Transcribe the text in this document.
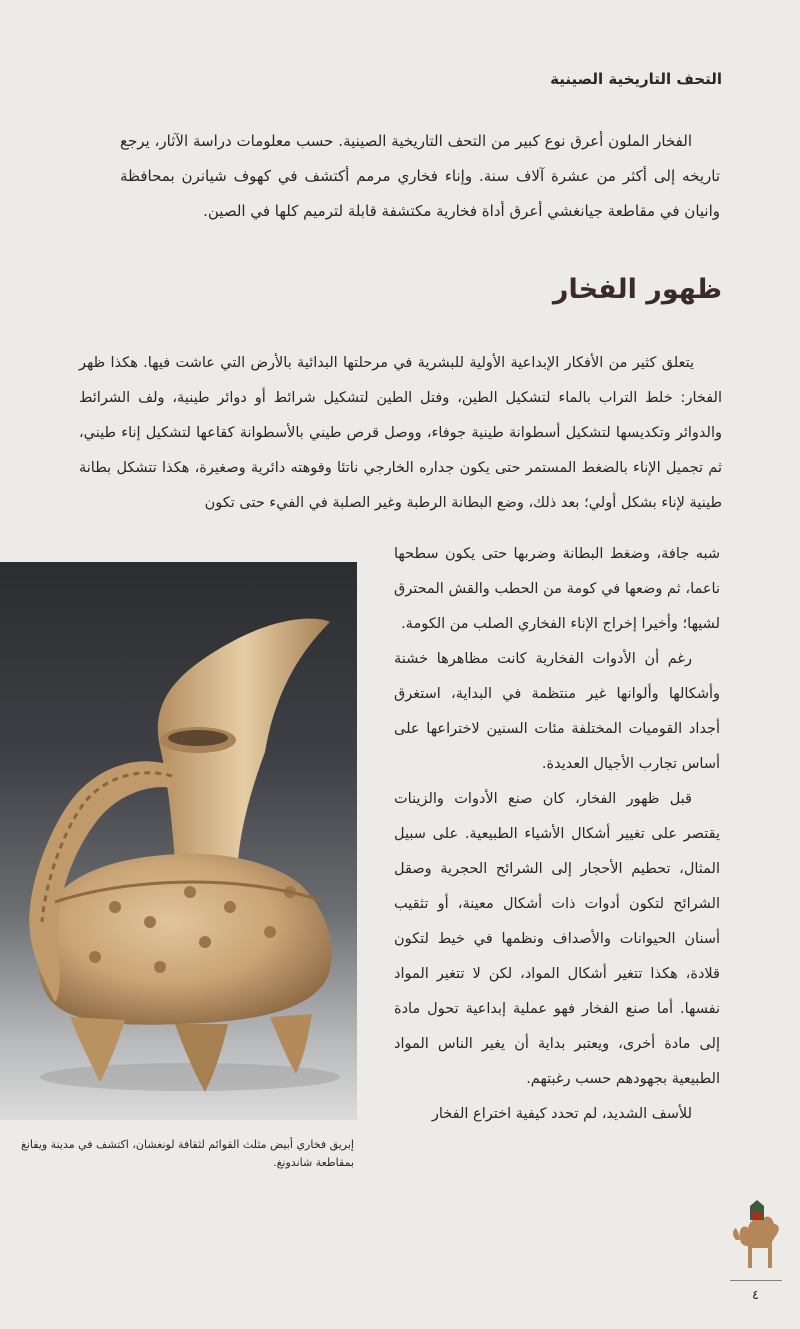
التحف التاريخية الصينية

الفخار الملون أعرق نوع كبير من التحف التاريخية الصينية. حسب معلومات دراسة الآثار، يرجع تاريخه إلى أكثر من عشرة آلاف سنة. وإناء فخاري مرمم أكتشف في كهوف شيانرن بمحافظة وانيان في مقاطعة جيانغشي أعرق أداة فخارية مكتشفة قابلة لترميم كلها في الصين.

ظهور الفخار

يتعلق كثير من الأفكار الإبداعية الأولية للبشرية في مرحلتها البدائية بالأرض التي عاشت فيها. هكذا ظهر الفخار: خلط التراب بالماء لتشكيل الطين، وفتل الطين لتشكيل شرائط أو دوائر طينية، ولف الشرائط والدوائر وتكديسها لتشكيل أسطوانة طينية جوفاء، ووصل قرص طيني بالأسطوانة كقاعها لتشكيل إناء طيني، ثم تجميل الإناء بالضغط المستمر حتى يكون جداره الخارجي ناتئا وفوهته دائرية وصغيرة، هكذا تتشكل بطانة طينية لإناء بشكل أولي؛ بعد ذلك، وضع البطانة الرطبة وغير الصلبة في الفيء حتى تكون

شبه جافة، وضغط البطانة وضربها حتى يكون سطحها ناعما، ثم وضعها في كومة من الحطب والقش المحترق لشيها؛ وأخيرا إخراج الإناء الفخاري الصلب من الكومة.

رغم أن الأدوات الفخارية كانت مظاهرها خشنة وأشكالها وألوانها غير منتظمة في البداية، استغرق أجداد القوميات المختلفة مئات السنين لاختراعها على أساس تجارب الأجيال العديدة.

قبل ظهور الفخار، كان صنع الأدوات والزينات يقتصر على تغيير أشكال الأشياء الطبيعية. على سبيل المثال، تحطيم الأحجار إلى الشرائح الحجرية وصقل الشرائح لتكون أدوات ذات أشكال معينة، أو تثقيب أسنان الحيوانات والأصداف ونظمها في خيط لتكون قلادة، هكذا تتغير أشكال المواد، لكن لا تتغير المواد نفسها. أما صنع الفخار فهو عملية إبداعية تحول مادة إلى مادة أخرى، ويعتبر بداية أن يغير الناس المواد الطبيعية بجهودهم حسب رغبتهم.

للأسف الشديد، لم تحدد كيفية اختراع الفخار

إبريق فخاري أبيض مثلث القوائم لثقافة لونغشان، اكتشف في مدينة ويفانغ
بمقاطعة شاندونغ.
٤
